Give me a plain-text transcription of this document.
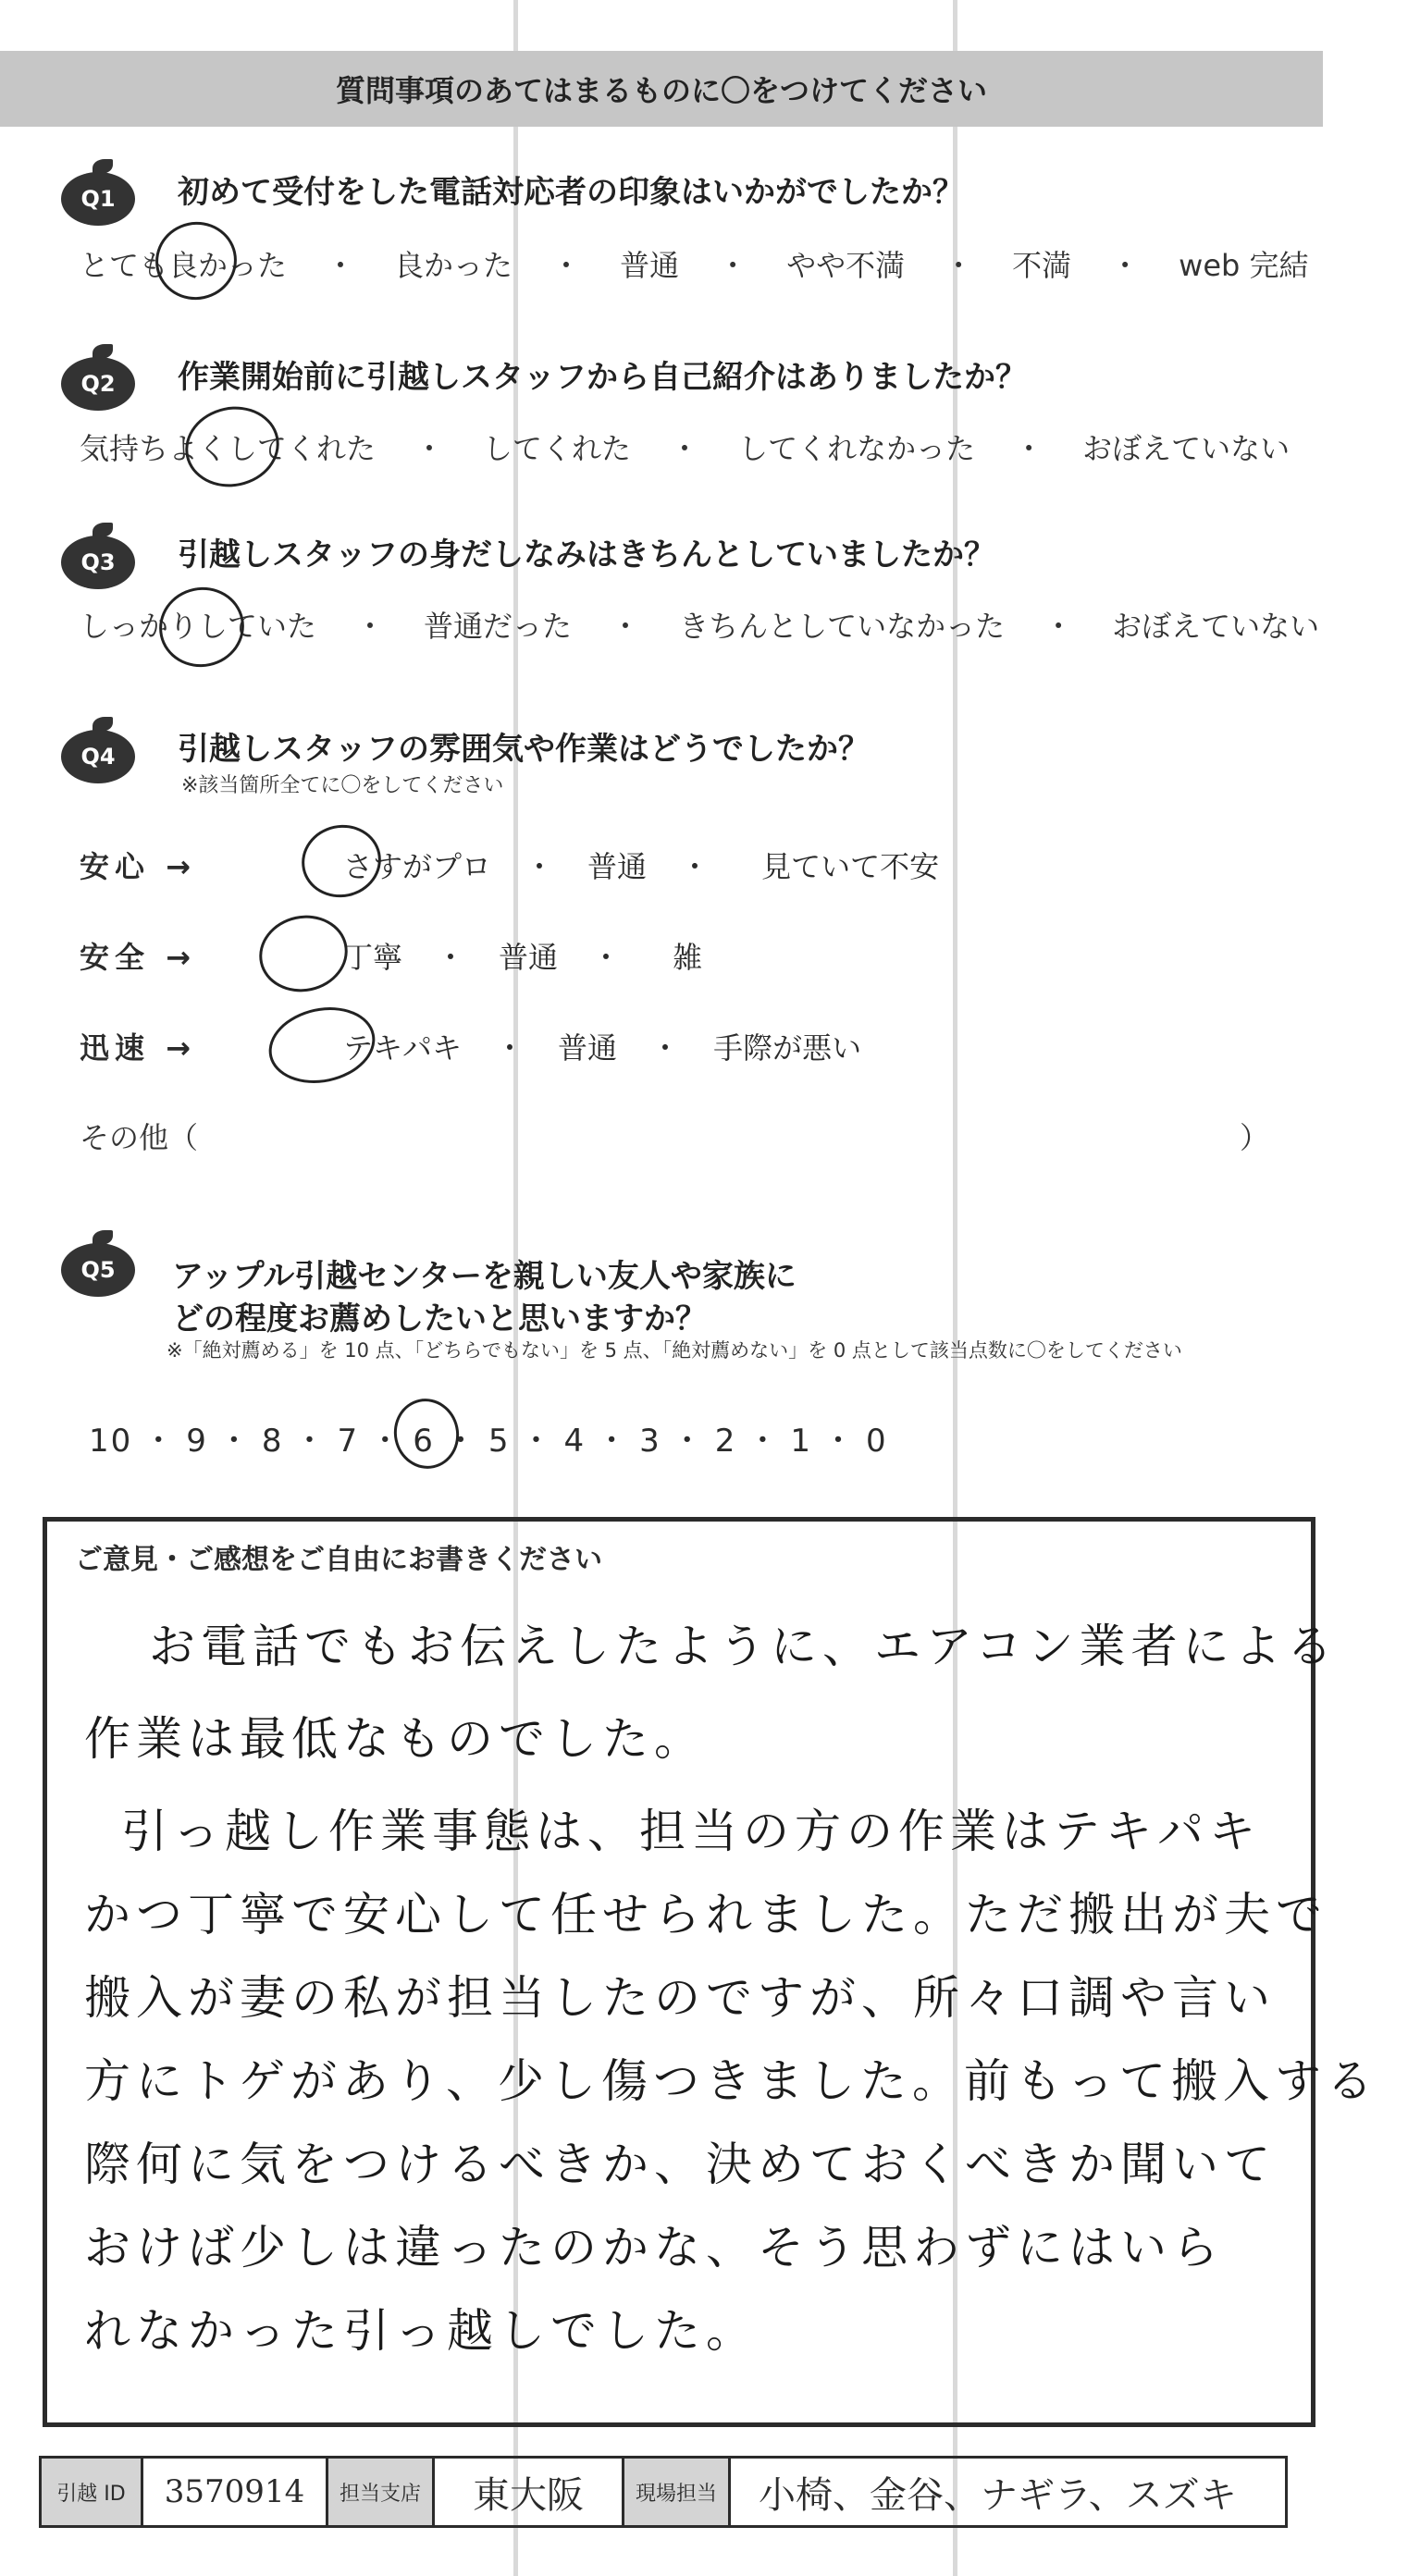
質問事項のあてはまるものに〇をつけてください
Q1	初めて受付をした電話対応者の印象はいかがでしたか？
とても良かった ・ 良かった ・ 普通 ・ やや不満 ・ 不満 ・ web 完結
Q2	作業開始前に引越しスタッフから自己紹介はありましたか？
気持ちよくしてくれた ・ してくれた ・ してくれなかった ・ おぼえていない
Q3	引越しスタッフの身だしなみはきちんとしていましたか？
しっかりしていた ・ 普通だった ・ きちんとしていなかった ・ おぼえていない
Q4	引越しスタッフの雰囲気や作業はどうでしたか？
※該当箇所全てに〇をしてください
安心 →	さすがプロ ・ 普通 ・ 見ていて不安
安全 →	丁寧 ・ 普通 ・ 雑
迅速 →	テキパキ ・ 普通 ・ 手際が悪い
その他（	）
Q5	アップル引越センターを親しい友人や家族に
どの程度お薦めしたいと思いますか？
※「絶対薦める」を 10 点、「どちらでもない」を 5 点、「絶対薦めない」を 0 点として該当点数に〇をしてください
10 ・ 9 ・ 8 ・ 7 ・ 6 ・ 5 ・ 4 ・ 3 ・ 2 ・ 1 ・ 0
ご意見・ご感想をご自由にお書きください
お電話でもお伝えしたように、エアコン業者による
作業は最低なものでした。
引っ越し作業事態は、担当の方の作業はテキパキ
かつ丁寧で安心して任せられました。ただ搬出が夫で
搬入が妻の私が担当したのですが、所々口調や言い
方にトゲがあり、少し傷つきました。前もって搬入する
際何に気をつけるべきか、決めておくべきか聞いて
おけば少しは違ったのかな、そう思わずにはいら
れなかった引っ越しでした。
引越 ID	3570914	担当支店	東大阪	現場担当	小椅、金谷、ナギラ、スズキ
